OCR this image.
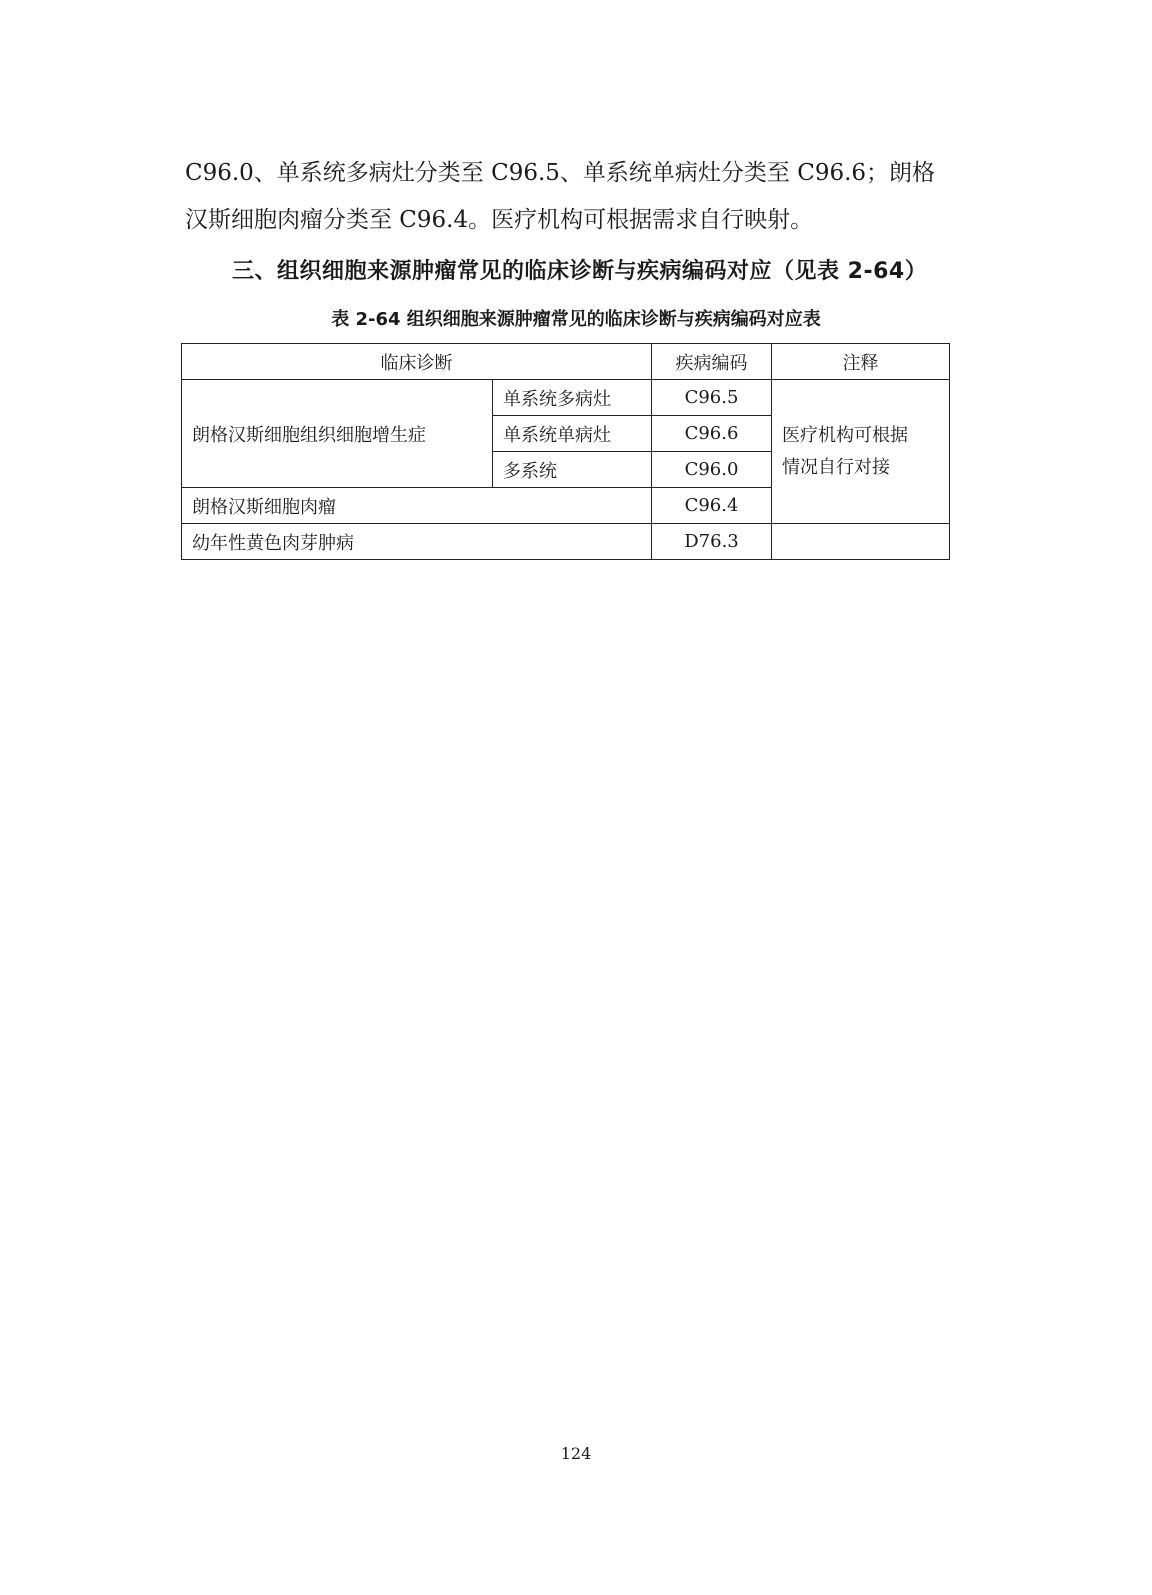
C96.0、单系统多病灶分类至 C96.5、单系统单病灶分类至 C96.6；朗格
汉斯细胞肉瘤分类至 C96.4。医疗机构可根据需求自行映射。
三、组织细胞来源肿瘤常见的临床诊断与疾病编码对应（见表 2-64）
表 2-64 组织细胞来源肿瘤常见的临床诊断与疾病编码对应表
临床诊断		疾病编码	注释
朗格汉斯细胞组织细胞增生症	单系统多病灶	C96.5	医疗机构可根据
情况自行对接

	单系统单病灶	C96.6	
	多系统	C96.0	
朗格汉斯细胞肉瘤		C96.4	
幼年性黄色肉芽肿病		D76.3	
124
